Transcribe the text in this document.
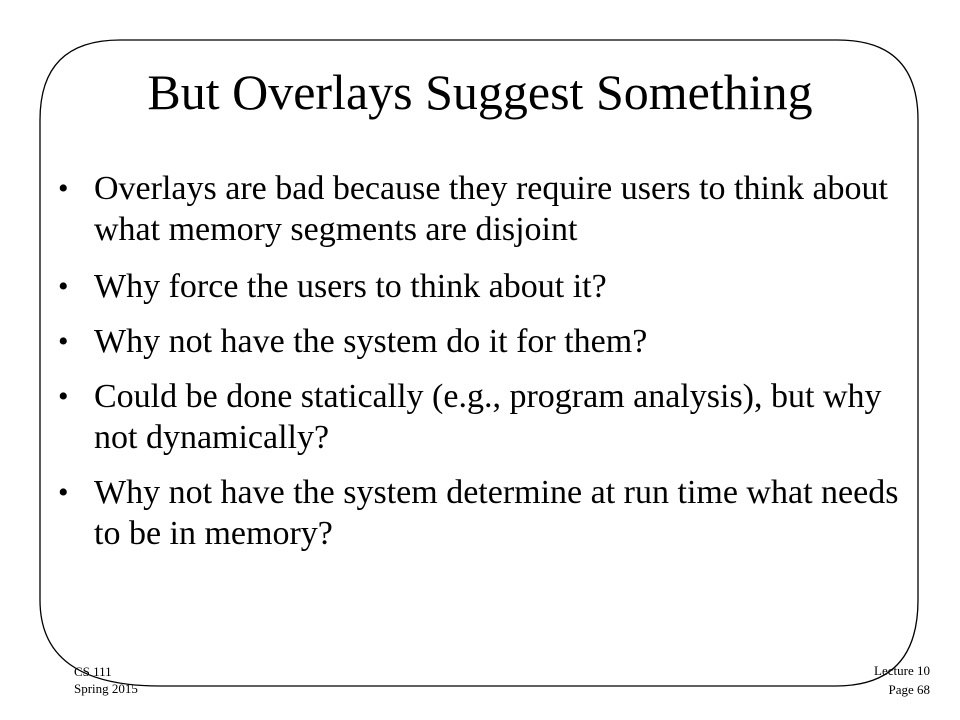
But Overlays Suggest Something
• Overlays are bad because they require users to think about what memory segments are disjoint
• Why force the users to think about it?
• Why not have the system do it for them?
• Could be done statically (e.g., program analysis), but why not dynamically?
• Why not have the system determine at run time what needs to be in memory?
CS 111
Spring 2015
Lecture 10
Page 68
